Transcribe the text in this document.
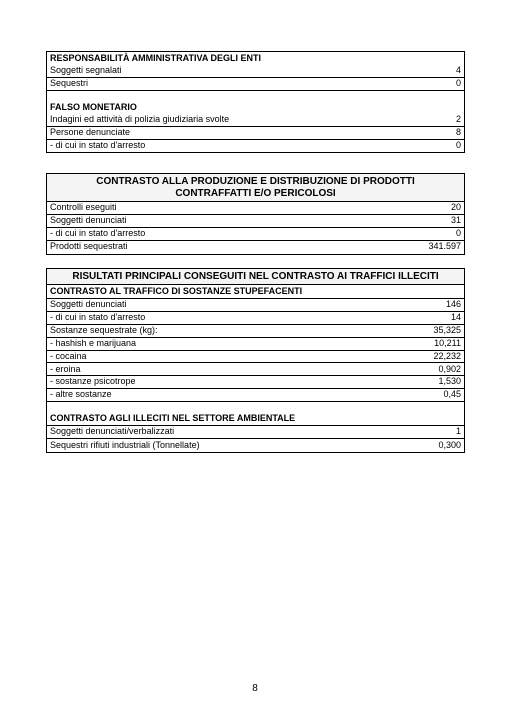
RESPONSABILITÀ AMMINISTRATIVA DEGLI ENTI
Soggetti segnalati	4
Sequestri	0
FALSO MONETARIO
Indagini ed attività di polizia giudiziaria svolte	2
Persone denunciate	8
- di cui in stato d'arresto	0
CONTRASTO ALLA PRODUZIONE E DISTRIBUZIONE DI PRODOTTI CONTRAFFATTI E/O PERICOLOSI
Controlli eseguiti	20
Soggetti denunciati	31
- di cui in stato d'arresto	0
Prodotti sequestrati	341.597
RISULTATI PRINCIPALI CONSEGUITI NEL CONTRASTO AI TRAFFICI ILLECITI
CONTRASTO AL TRAFFICO DI SOSTANZE STUPEFACENTI
Soggetti denunciati	146
- di cui in stato d'arresto	14
Sostanze sequestrate (kg):	35,325
- hashish e marijuana	10,211
- cocaina	22,232
- eroina	0,902
- sostanze psicotrope	1,530
- altre sostanze	0,45
CONTRASTO AGLI ILLECITI NEL SETTORE AMBIENTALE
Soggetti denunciati/verbalizzati	1
Sequestri rifiuti industriali (Tonnellate)	0,300
8
